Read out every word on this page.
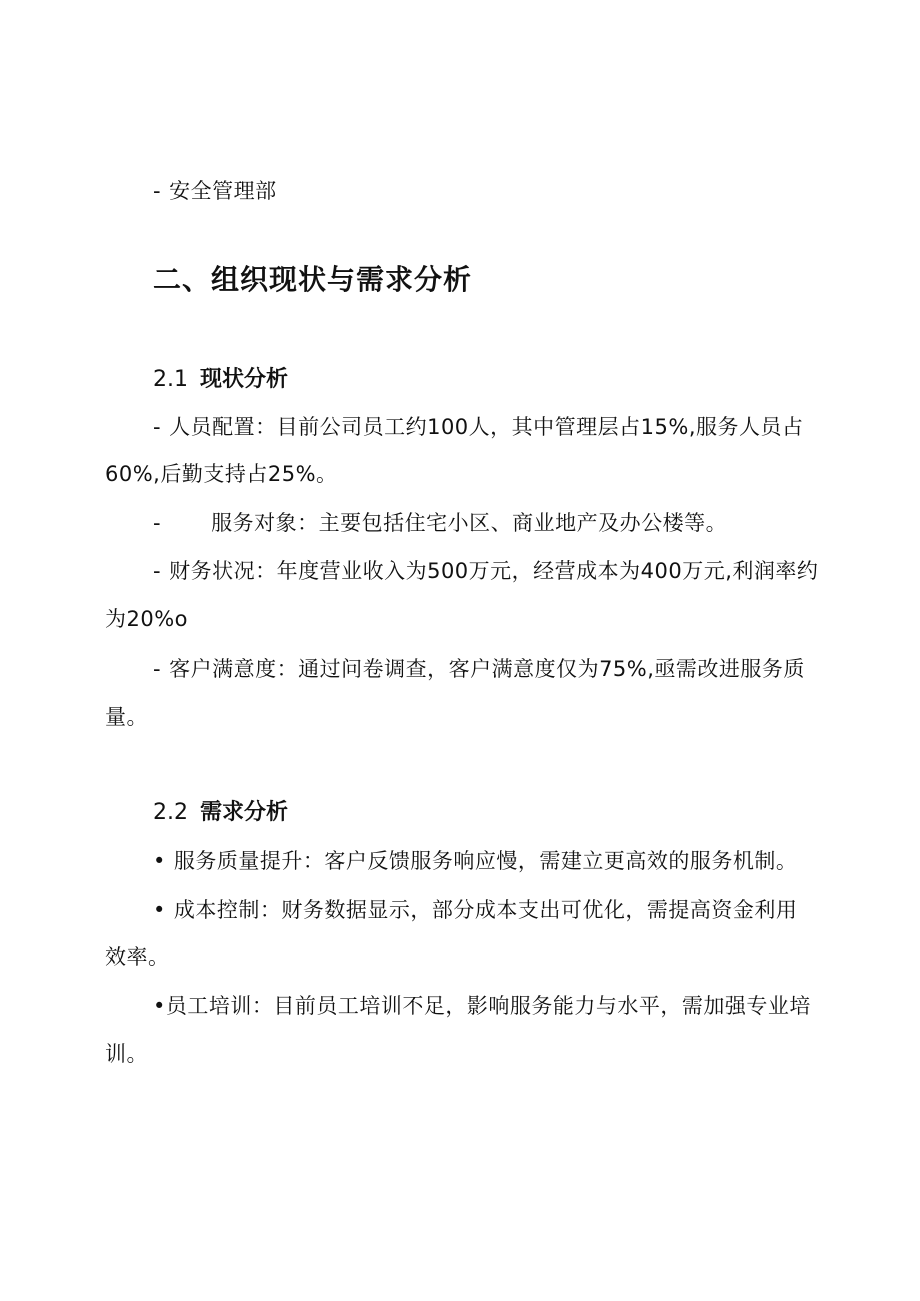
- 安全管理部
二、组织现状与需求分析
2.1 现状分析
- 人员配置：目前公司员工约100人，其中管理层占15%,服务人员占
60%,后勤支持占25%。
- 服务对象：主要包括住宅小区、商业地产及办公楼等。
- 财务状况：年度营业收入为500万元，经营成本为400万元,利润率约
为20%o
- 客户满意度：通过问卷调查，客户满意度仅为75%,亟需改进服务质
量。
2.2 需求分析
• 服务质量提升：客户反馈服务响应慢，需建立更高效的服务机制。
• 成本控制：财务数据显示，部分成本支出可优化，需提高资金利用
效率。
•员工培训：目前员工培训不足，影响服务能力与水平，需加强专业培
训。
